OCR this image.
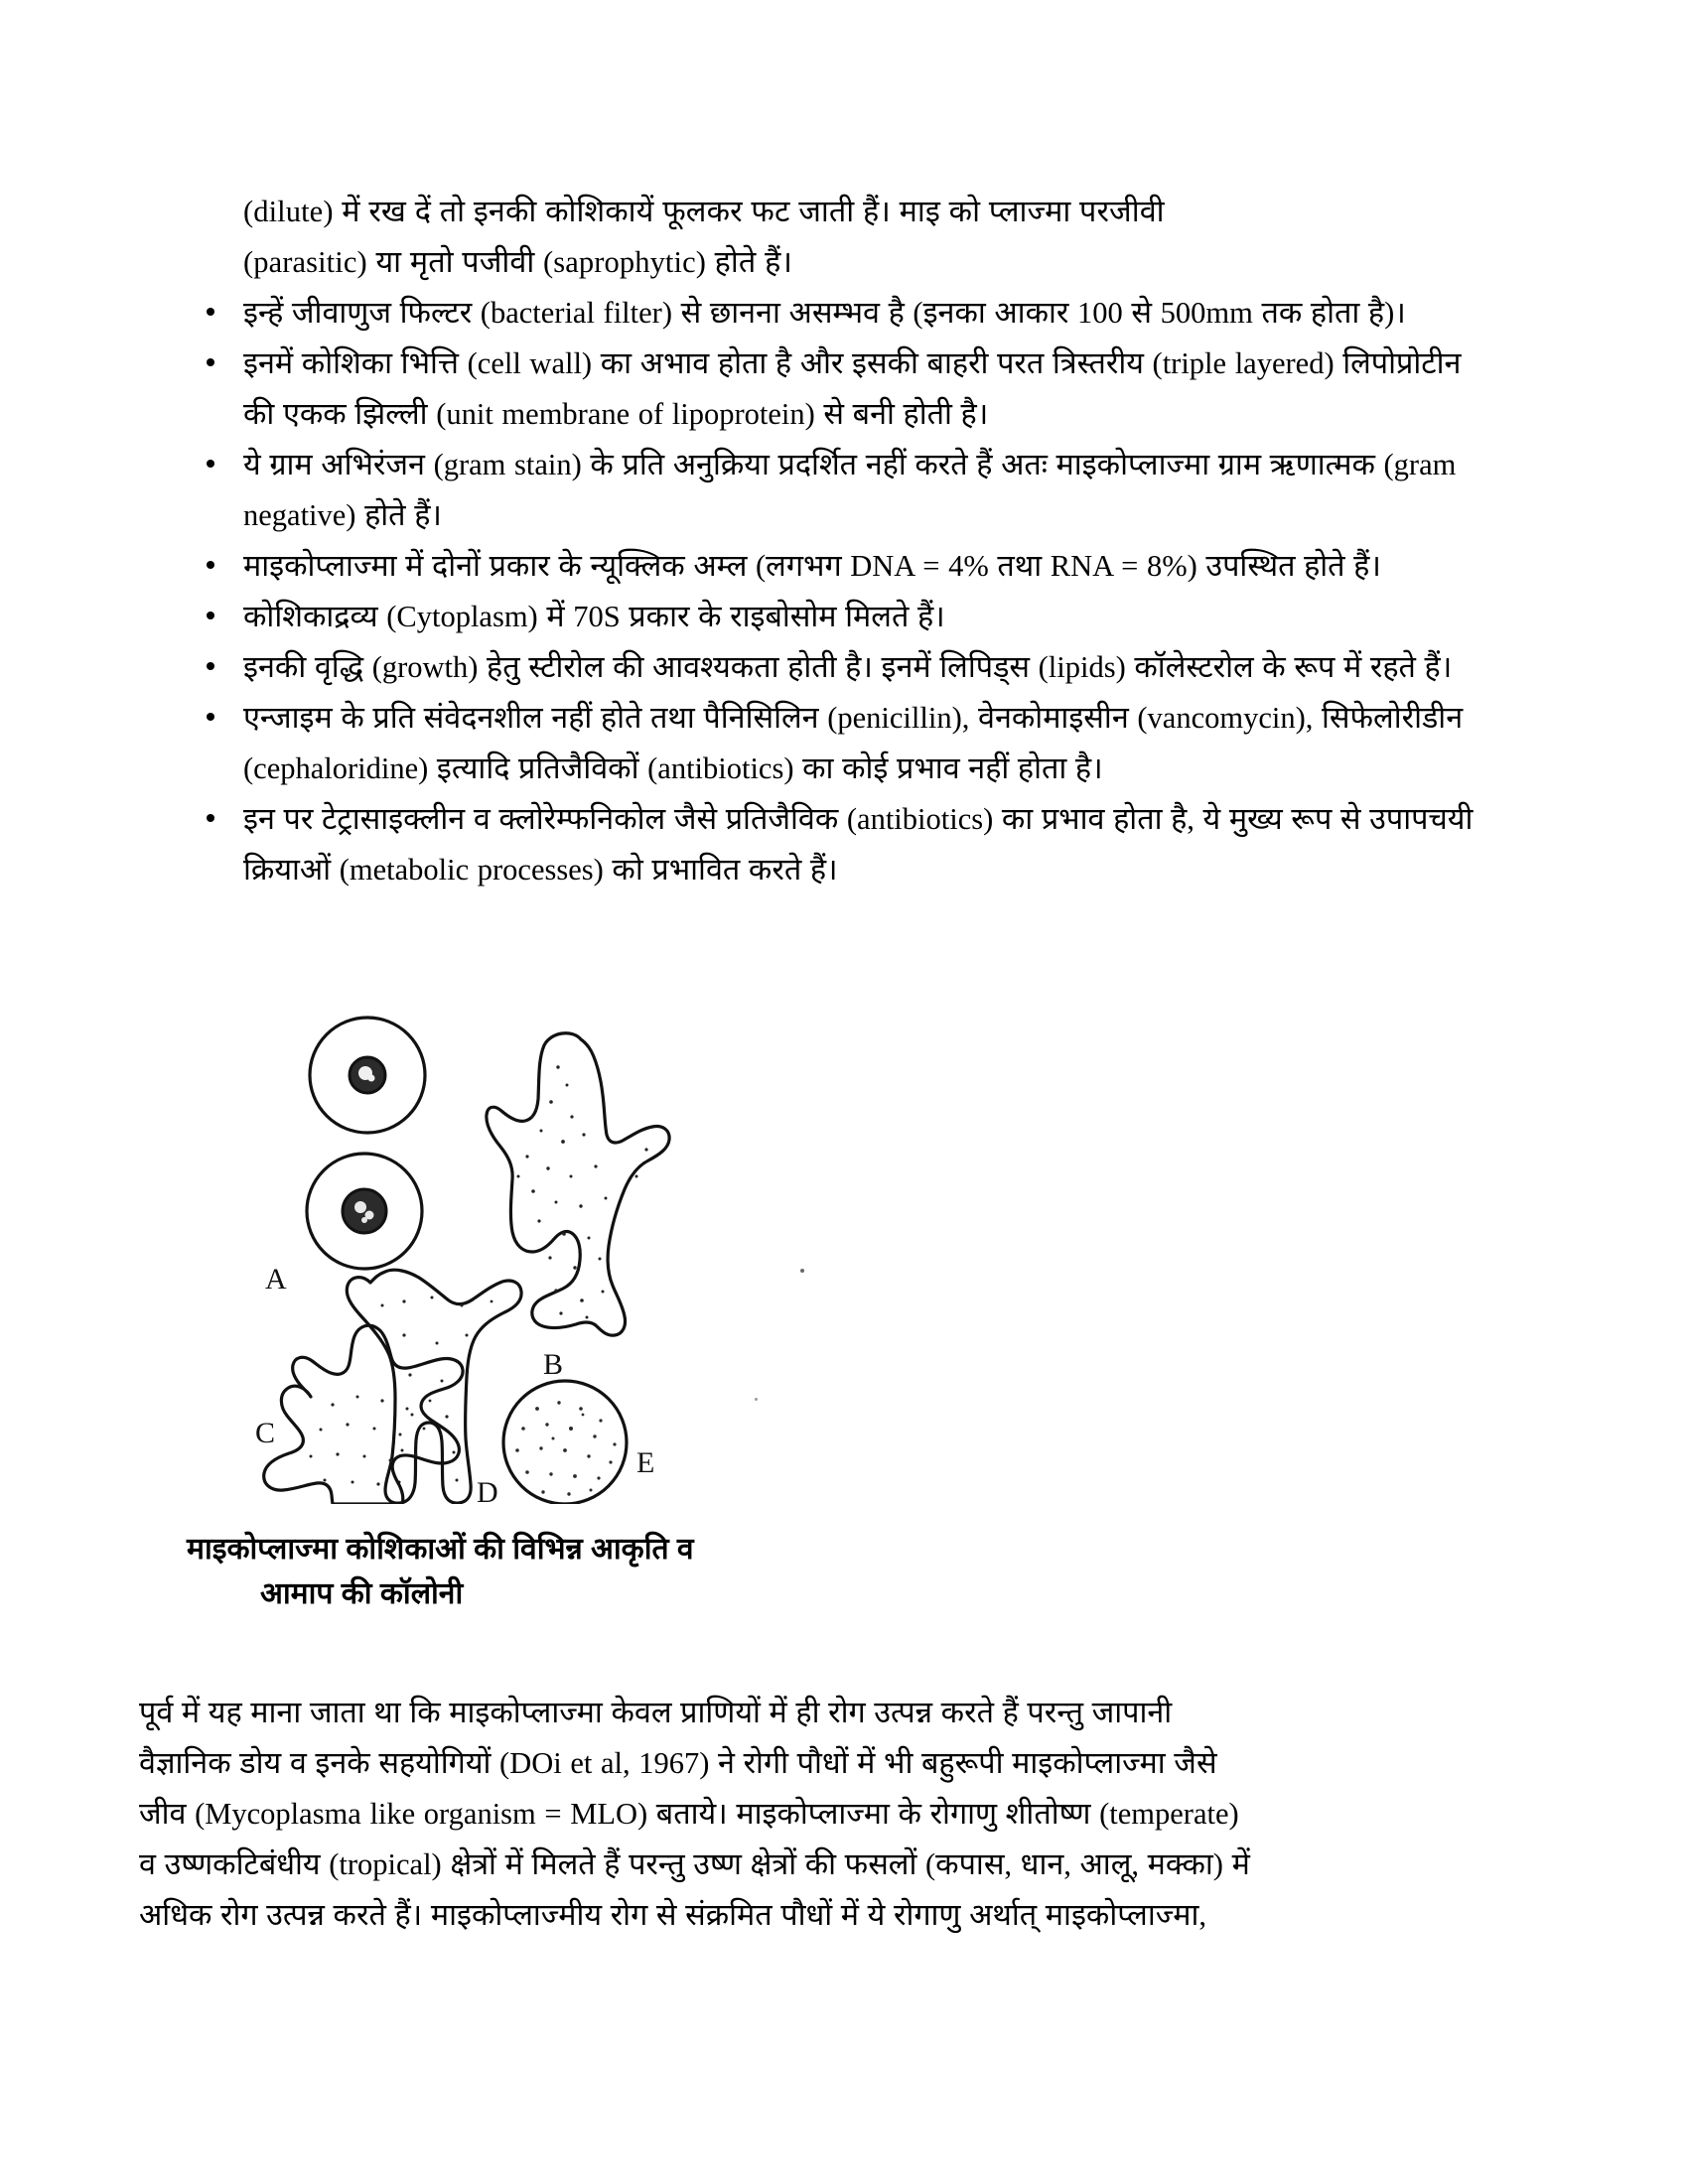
(dilute) में रख दें तो इनकी कोशिकायें फूलकर फट जाती हैं। माइ को प्लाज्मा परजीवी

(parasitic) या मृतो पजीवी (saprophytic) होते हैं।

इन्हें जीवाणुज फिल्टर (bacterial filter) से छानना असम्भव है (इनका आकार 100 से 500mm तक होता है)।
इनमें कोशिका भित्ति (cell wall) का अभाव होता है और इसकी बाहरी परत त्रिस्तरीय (triple layered) लिपोप्रोटीन की एकक झिल्ली (unit membrane of lipoprotein) से बनी होती है।
ये ग्राम अभिरंजन (gram stain) के प्रति अनुक्रिया प्रदर्शित नहीं करते हैं अतः माइकोप्लाज्मा ग्राम ऋणात्मक (gram negative) होते हैं।
माइकोप्लाज्मा में दोनों प्रकार के न्यूक्लिक अम्ल (लगभग DNA = 4% तथा RNA = 8%) उपस्थित होते हैं।
कोशिकाद्रव्य (Cytoplasm) में 70S प्रकार के राइबोसोम मिलते हैं।
इनकी वृद्धि (growth) हेतु स्टीरोल की आवश्यकता होती है। इनमें लिपिड्स (lipids) कॉलेस्टरोल के रूप में रहते हैं।
एन्जाइम के प्रति संवेदनशील नहीं होते तथा पैनिसिलिन (penicillin), वेनकोमाइसीन (vancomycin), सिफेलोरीडीन (cephaloridine) इत्यादि प्रतिजैविकों (antibiotics) का कोई प्रभाव नहीं होता है।
इन पर टेट्रासाइक्लीन व क्लोरेम्फनिकोल जैसे प्रतिजैविक (antibiotics) का प्रभाव होता है, ये मुख्य रूप से उपापचयी क्रियाओं (metabolic processes) को प्रभावित करते हैं।
A
B
C
D
E
माइकोप्लाज्मा कोशिकाओं की विभिन्न आकृति व
आमाप की कॉलोनी

पूर्व में यह माना जाता था कि माइकोप्लाज्मा केवल प्राणियों में ही रोग उत्पन्न करते हैं परन्तु जापानी

वैज्ञानिक डोय व इनके सहयोगियों (DOi et al, 1967) ने रोगी पौधों में भी बहुरूपी माइकोप्लाज्मा जैसे

जीव (Mycoplasma like organism = MLO) बताये। माइकोप्लाज्मा के रोगाणु शीतोष्ण (temperate)

व उष्णकटिबंधीय (tropical) क्षेत्रों में मिलते हैं परन्तु उष्ण क्षेत्रों की फसलों (कपास, धान, आलू, मक्का) में

अधिक रोग उत्पन्न करते हैं। माइकोप्लाज्मीय रोग से संक्रमित पौधों में ये रोगाणु अर्थात् माइकोप्लाज्मा,
